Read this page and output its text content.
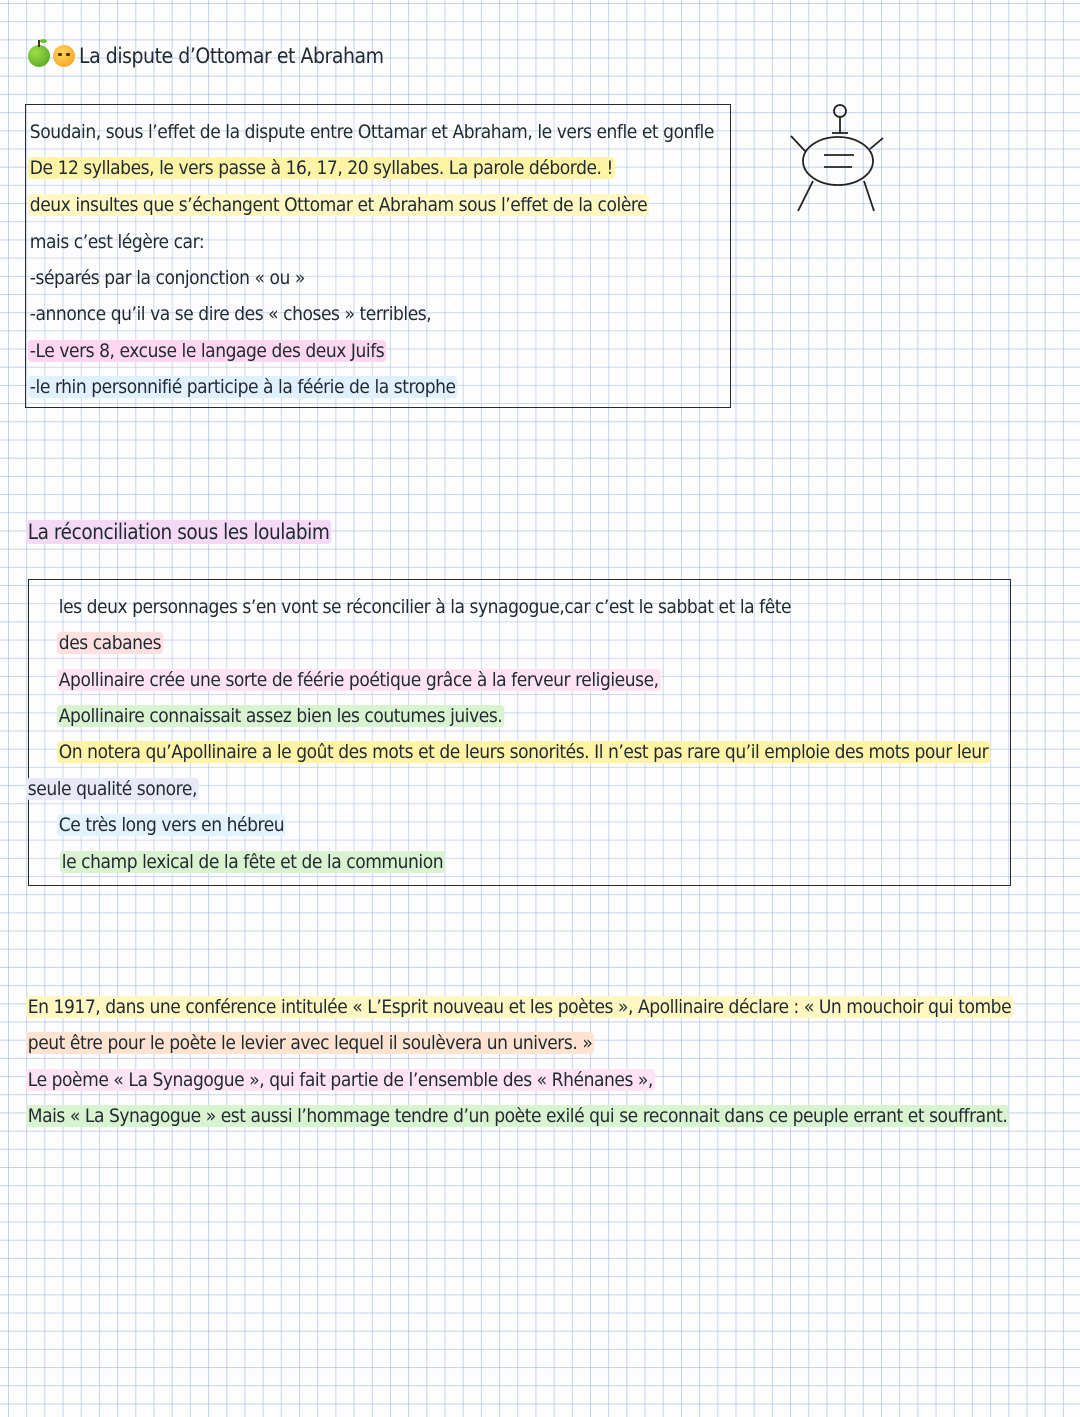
La dispute d’Ottomar et Abraham
Soudain, sous l’effet de la dispute entre Ottamar et Abraham, le vers enfle et gonfle
De 12 syllabes, le vers passe à 16, 17, 20 syllabes. La parole déborde. !
deux insultes que s’échangent Ottomar et Abraham sous l’effet de la colère
mais c’est légère car:
-séparés par la conjonction « ou »
-annonce qu’il va se dire des « choses » terribles,
-Le vers 8, excuse le langage des deux Juifs
-le rhin personnifié participe à la féérie de la strophe
La réconciliation sous les loulabim
les deux personnages s’en vont se réconcilier à la synagogue,car c’est le sabbat et la fête
des cabanes
Apollinaire crée une sorte de féérie poétique grâce à la ferveur religieuse,
Apollinaire connaissait assez bien les coutumes juives.
On notera qu’Apollinaire a le goût des mots et de leurs sonorités. Il n’est pas rare qu’il emploie des mots pour leur
seule qualité sonore,
Ce très long vers en hébreu
le champ lexical de la fête et de la communion
En 1917, dans une conférence intitulée « L’Esprit nouveau et les poètes », Apollinaire déclare : « Un mouchoir qui tombe
peut être pour le poète le levier avec lequel il soulèvera un univers. »
Le poème « La Synagogue », qui fait partie de l’ensemble des « Rhénanes »,
Mais « La Synagogue » est aussi l’hommage tendre d’un poète exilé qui se reconnait dans ce peuple errant et souffrant.
